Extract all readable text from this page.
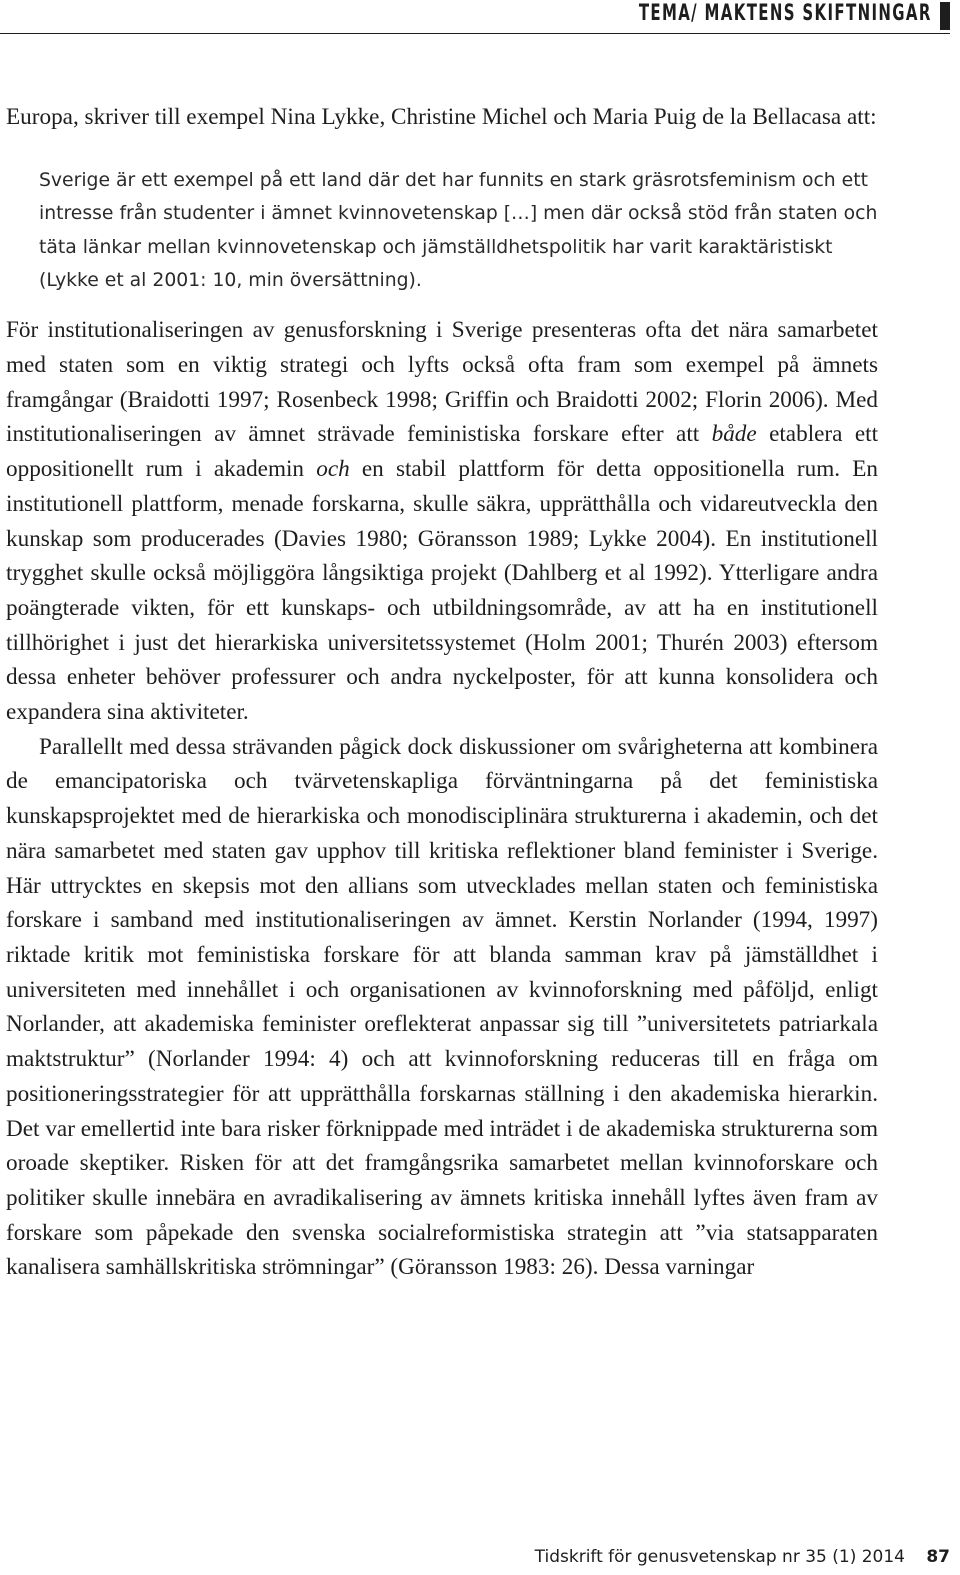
TEMA/ MAKTENS SKIFTNINGAR

Europa, skriver till exempel Nina Lykke, Christine Michel och Maria Puig de la Bellacasa att:

Sverige är ett exempel på ett land där det har funnits en stark gräsrotsfeminism och ett intresse från studenter i ämnet kvinnovetenskap […] men där också stöd från staten och täta länkar mellan kvinnovetenskap och jämställdhetspolitik har varit karaktäristiskt (Lykke et al 2001: 10, min översättning).

För institutionaliseringen av genusforskning i Sverige presenteras ofta det nära samarbetet med staten som en viktig strategi och lyfts också ofta fram som exempel på ämnets framgångar (Braidotti 1997; Rosenbeck 1998; Griffin och Braidotti 2002; Florin 2006). Med institutionaliseringen av ämnet strävade feministiska forskare efter att både etablera ett oppositionellt rum i akademin och en stabil plattform för detta oppositionella rum. En institutionell plattform, menade forskarna, skulle säkra, upprätthålla och vidareutveckla den kunskap som producerades (Davies 1980; Göransson 1989; Lykke 2004). En institutionell trygghet skulle också möjliggöra långsiktiga projekt (Dahlberg et al 1992). Ytterligare andra poängterade vikten, för ett kunskaps- och utbildningsområde, av att ha en institutionell tillhörighet i just det hierarkiska universitetssystemet (Holm 2001; Thurén 2003) eftersom dessa enheter behöver professurer och andra nyckelposter, för att kunna konsolidera och expandera sina aktiviteter.

Parallellt med dessa strävanden pågick dock diskussioner om svårigheterna att kombinera de emancipatoriska och tvärvetenskapliga förväntningarna på det feministiska kunskapsprojektet med de hierarkiska och monodisciplinära strukturerna i akademin, och det nära samarbetet med staten gav upphov till kritiska reflektioner bland feminister i Sverige. Här uttrycktes en skepsis mot den allians som utvecklades mellan staten och feministiska forskare i samband med institutionaliseringen av ämnet. Kerstin Norlander (1994, 1997) riktade kritik mot feministiska forskare för att blanda samman krav på jämställdhet i universiteten med innehållet i och organisationen av kvinnoforskning med påföljd, enligt Norlander, att akademiska feminister oreflekterat anpassar sig till ”universitetets patriarkala maktstruktur” (Norlander 1994: 4) och att kvinnoforskning reduceras till en fråga om positioneringsstrategier för att upprätthålla forskarnas ställning i den akademiska hierarkin. Det var emellertid inte bara risker förknippade med inträdet i de akademiska strukturerna som oroade skeptiker. Risken för att det framgångsrika samarbetet mellan kvinnoforskare och politiker skulle innebära en avradikalisering av ämnets kritiska innehåll lyftes även fram av forskare som påpekade den svenska socialreformistiska strategin att ”via statsapparaten kanalisera samhällskritiska strömningar” (Göransson 1983: 26). Dessa varningar

Tidskrift för genusvetenskap nr 35 (1) 2014 87
